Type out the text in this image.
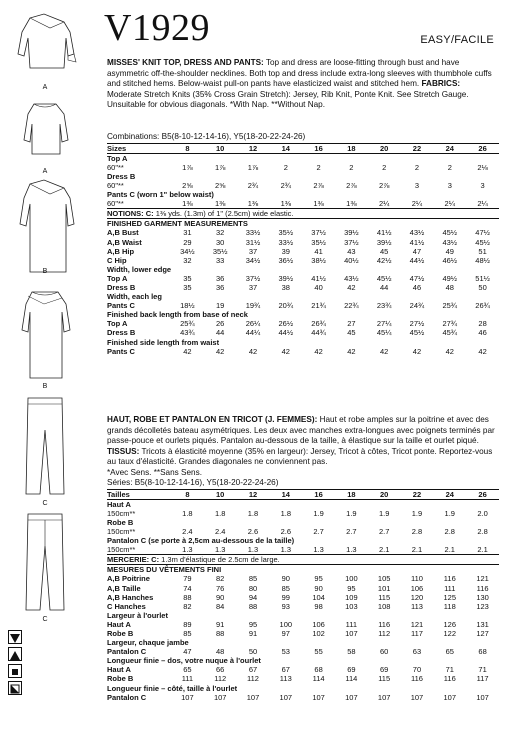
A
A
B
B
C
C
V1929	EASY/FACILE
MISSES' KNIT TOP, DRESS AND PANTS: Top and dress are loose-fitting through bust and have asymmetric off-the-shoulder necklines. Both top and dress include extra-long sleeves with thumbhole cuffs and stitched hems. Below-waist pull-on pants have elasticized waist and stitched hem. FABRICS: Moderate Stretch Knits (35% Cross Grain Stretch): Jersey, Rib Knit, Ponte Knit. See Stretch Gauge. Unsuitable for obvious diagonals. *With Nap. **Without Nap.
Combinations: B5(8-10-12-14-16), Y5(18-20-22-24-26)
Sizes	8	10	12	14	16	18	20	22	24	26
Top A										
60"**	1⅞	1⅞	1⅞	2	2	2	2	2	2	2⅛
Dress B										
60"**	2⅝	2⅝	2¾	2¾	2⅞	2⅞	2⅞	3	3	3
Pants C (worn 1" below waist)										
60"**	1⅜	1⅜	1⅜	1⅜	1⅜	1⅜	2¼	2¼	2¼	2¼
NOTIONS: C: 1⅜ yds. (1.3m) of 1" (2.5cm) wide elastic.										
FINISHED GARMENT MEASUREMENTS										
A,B Bust	31	32	33½	35½	37½	39½	41½	43½	45½	47½
A,B Waist	29	30	31½	33½	35½	37½	39½	41½	43½	45½
A,B Hip	34½	35½	37	39	41	43	45	47	49	51
C Hip	32	33	34½	36½	38½	40½	42½	44½	46½	48½
Width, lower edge										
Top A	35	36	37½	39½	41½	43½	45½	47½	49½	51½
Dress B	35	36	37	38	40	42	44	46	48	50
Width, each leg										
Pants C	18½	19	19¾	20¾	21¾	22¾	23¾	24¾	25¾	26¾
Finished back length from base of neck										
Top A	25¾	26	26¼	26½	26¾	27	27¼	27½	27¾	28
Dress B	43¾	44	44¼	44½	44¾	45	45¼	45½	45¾	46
Finished side length from waist										
Pants C	42	42	42	42	42	42	42	42	42	42
HAUT, ROBE ET PANTALON EN TRICOT (J. FEMMES): Haut et robe amples sur la poitrine et avec des grands décolletés bateau asymétriques. Les deux avec manches extra-longues avec poignets terminés par passe-pouce et ourlets piqués. Pantalon au-dessous de la taille, à élastique sur la taille et ourlet piqué. TISSUS: Tricots à élasticité moyenne (35% en largeur): Jersey, Tricot à côtes, Tricot ponte. Reportez-vous au taux d'élasticité. Grandes diagonales ne conviennent pas.
*Avec Sens. **Sans Sens.
Séries: B5(8-10-12-14-16), Y5(18-20-22-24-26)
Tailles	8	10	12	14	16	18	20	22	24	26
Haut A										
150cm**	1.8	1.8	1.8	1.8	1.9	1.9	1.9	1.9	1.9	2.0
Robe B										
150cm**	2.4	2.4	2.6	2.6	2.7	2.7	2.7	2.8	2.8	2.8
Pantalon C (se porte à 2,5cm au-dessous de la taille)										
150cm**	1.3	1.3	1.3	1.3	1.3	1.3	2.1	2.1	2.1	2.1
MERCERIE: C: 1.3m d'élastique de 2.5cm de large.										
MESURES DU VÊTEMENTS FINI										
A,B Poitrine	79	82	85	90	95	100	105	110	116	121
A,B Taille	74	76	80	85	90	95	101	106	111	116
A,B Hanches	88	90	94	99	104	109	115	120	125	130
C Hanches	82	84	88	93	98	103	108	113	118	123
Largeur à l'ourlet										
Haut A	89	91	95	100	106	111	116	121	126	131
Robe B	85	88	91	97	102	107	112	117	122	127
Largeur, chaque jambe										
Pantalon C	47	48	50	53	55	58	60	63	65	68
Longueur finie – dos, votre nuque à l'ourlet										
Haut A	65	66	67	67	68	69	69	70	71	71
Robe B	111	112	112	113	114	114	115	116	116	117
Longueur finie – côté, taille à l'ourlet										
Pantalon C	107	107	107	107	107	107	107	107	107	107
